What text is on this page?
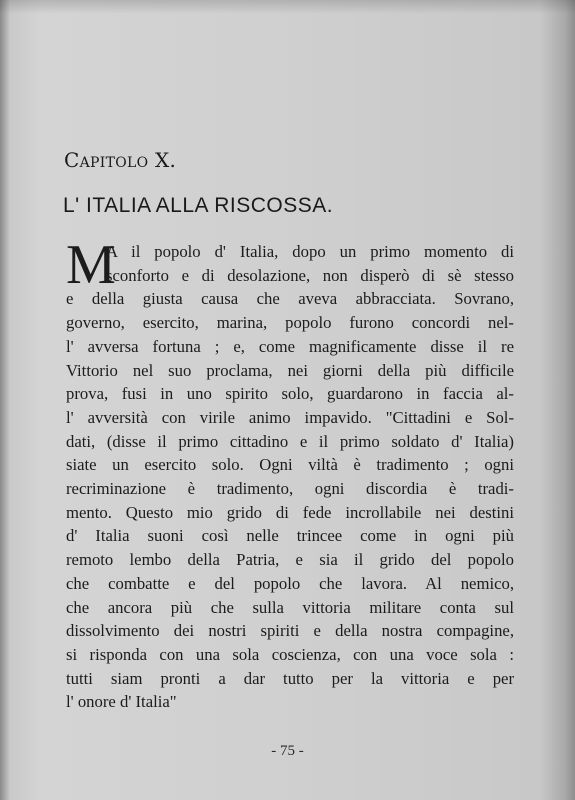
Capitolo X.
L' ITALIA ALLA RISCOSSA.
M
A il popolo d' Italia, dopo un primo momento di
sconforto e di desolazione, non disperò di sè stesso
e della giusta causa che aveva abbracciata. Sovrano,
governo, esercito, marina, popolo furono concordi nel-
l' avversa fortuna ; e, come magnificamente disse il re
Vittorio nel suo proclama, nei giorni della più difficile
prova, fusi in uno spirito solo, guardarono in faccia al-
l' avversità con virile animo impavido. "Cittadini e Sol-
dati, (disse il primo cittadino e il primo soldato d' Italia)
siate un esercito solo. Ogni viltà è tradimento ; ogni
recriminazione è tradimento, ogni discordia è tradi-
mento. Questo mio grido di fede incrollabile nei destini
d' Italia suoni così nelle trincee come in ogni più
remoto lembo della Patria, e sia il grido del popolo
che combatte e del popolo che lavora. Al nemico,
che ancora più che sulla vittoria militare conta sul
dissolvimento dei nostri spiriti e della nostra compagine,
si risponda con una sola coscienza, con una voce sola :
tutti siam pronti a dar tutto per la vittoria e per
l' onore d' Italia"
- 75 -
